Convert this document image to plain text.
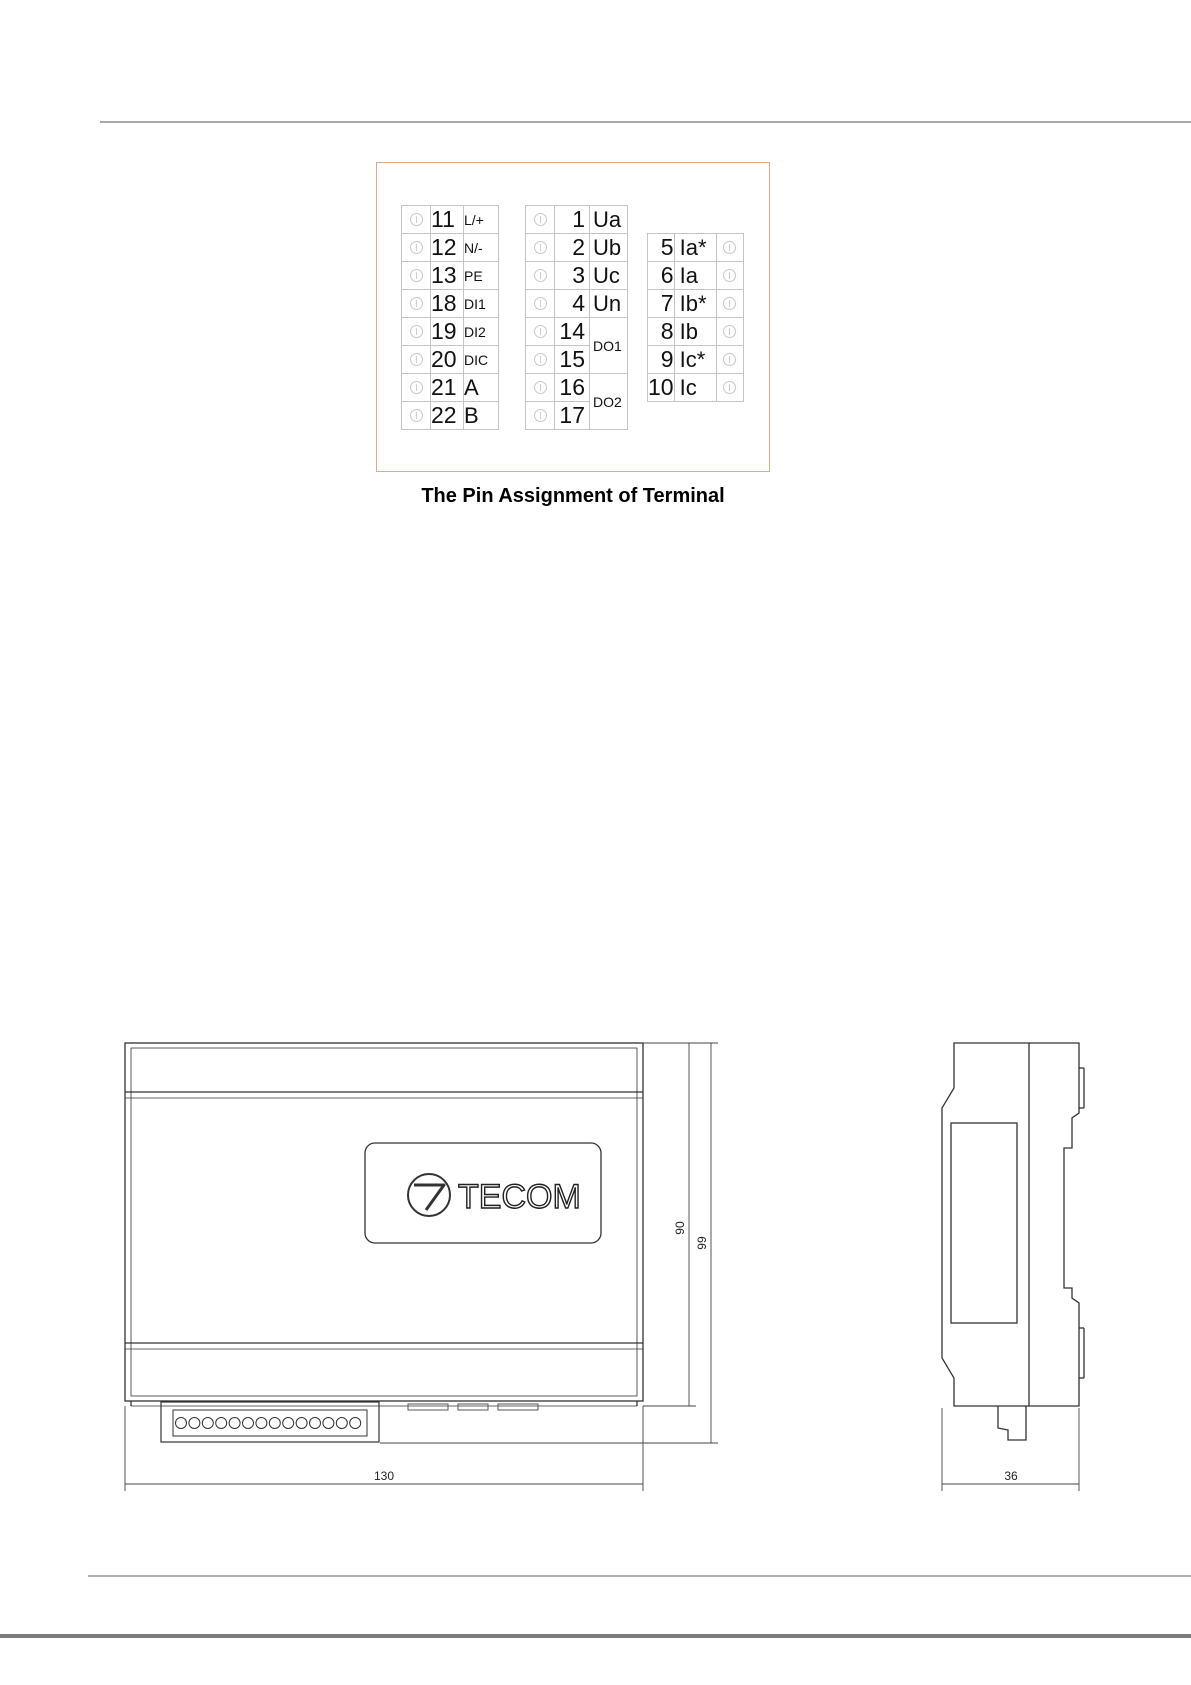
	11	L/+
	12	N/-
	13	PE
	18	DI1
	19	DI2
	20	DIC
	21	A
	22	B
	1	Ua
	2	Ub
	3	Uc
	4	Un
	14	DO1
	15	
	16	DO2
	17	
5	Ia*	
6	Ia	
7	Ib*	
8	Ib	
9	Ic*	
10	Ic	
The Pin Assignment of Terminal
TECOM
130
90
99
36
